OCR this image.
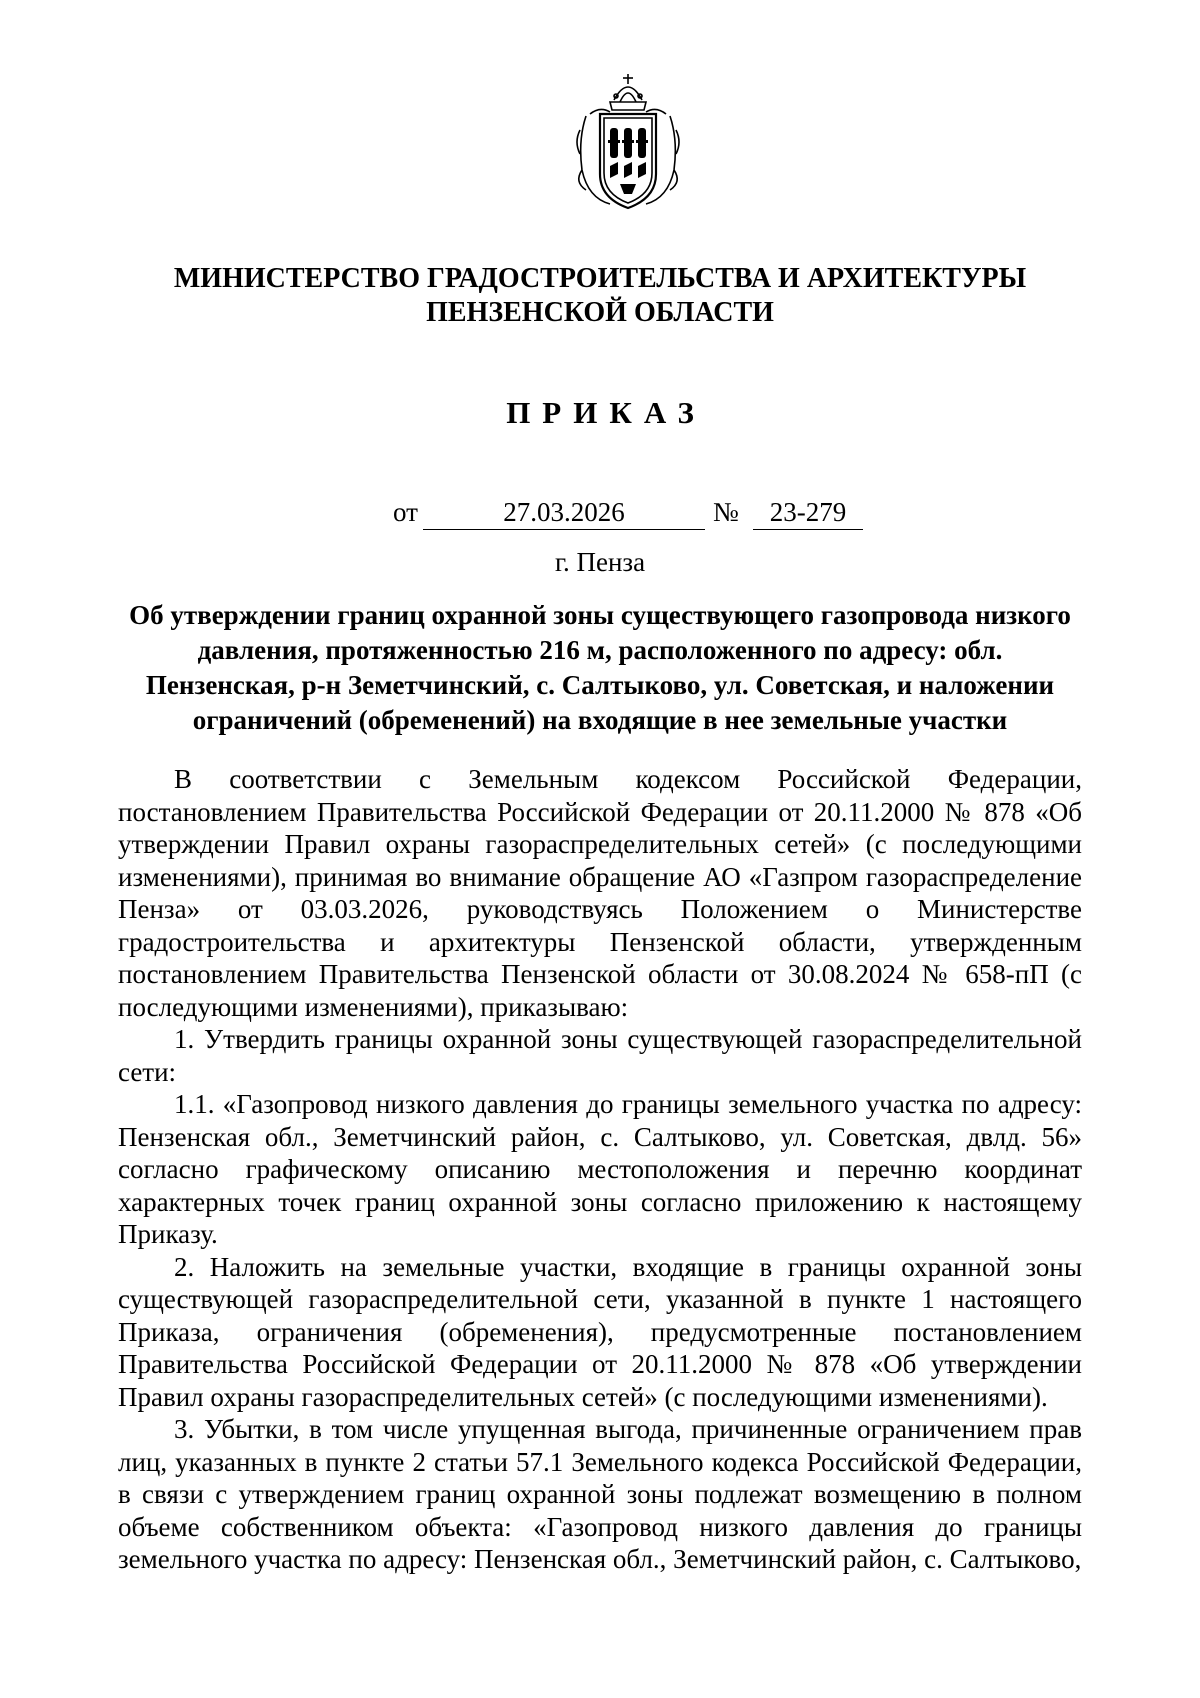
МИНИСТЕРСТВО ГРАДОСТРОИТЕЛЬСТВА И АРХИТЕКТУРЫ
ПЕНЗЕНСКОЙ ОБЛАСТИ
ПРИКАЗ
от	27.03.2026	№	23-279
г. Пенза
Об утверждении границ охранной зоны существующего газопровода низкого давления, протяженностью 216 м, расположенного по адресу: обл. Пензенская, р-н Земетчинский, с. Салтыково, ул. Советская, и наложении ограничений (обременений) на входящие в нее земельные участки

В соответствии с Земельным кодексом Российской Федерации, постановлением Правительства Российской Федерации от 20.11.2000 № 878 «Об утверждении Правил охраны газораспределительных сетей» (с последующими изменениями), принимая во внимание обращение АО «Газпром газораспределение Пенза» от 03.03.2026, руководствуясь Положением о Министерстве градостроительства и архитектуры Пензенской области, утвержденным постановлением Правительства Пензенской области от 30.08.2024 № 658-пП (с последующими изменениями), приказываю:

1. Утвердить границы охранной зоны существующей газораспределительной сети:

1.1. «Газопровод низкого давления до границы земельного участка по адресу: Пензенская обл., Земетчинский район, с. Салтыково, ул. Советская, двлд. 56» согласно графическому описанию местоположения и перечню координат характерных точек границ охранной зоны согласно приложению к настоящему Приказу.

2. Наложить на земельные участки, входящие в границы охранной зоны существующей газораспределительной сети, указанной в пункте 1 настоящего Приказа, ограничения (обременения), предусмотренные постановлением Правительства Российской Федерации от 20.11.2000 № 878 «Об утверждении Правил охраны газораспределительных сетей» (с последующими изменениями).

3. Убытки, в том числе упущенная выгода, причиненные ограничением прав лиц, указанных в пункте 2 статьи 57.1 Земельного кодекса Российской Федерации, в связи с утверждением границ охранной зоны подлежат возмещению в полном объеме собственником объекта: «Газопровод низкого давления до границы земельного участка по адресу: Пензенская обл., Земетчинский район, с. Салтыково,
